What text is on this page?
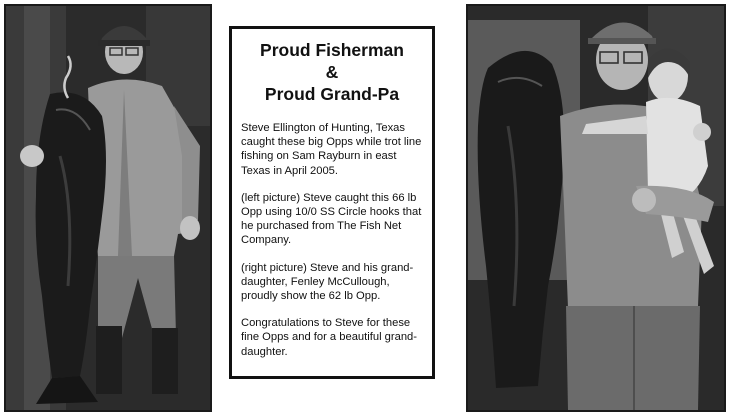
Proud Fisherman
&
Proud Grand-Pa

Steve Ellington of Hunting, Texas caught these big Opps while trot line fishing on Sam Rayburn in east Texas in April 2005.

(left picture) Steve caught this 66 lb Opp using 10/0 SS Circle hooks that he purchased from The Fish Net Company.

(right picture) Steve and his grand-daughter, Fenley McCullough, proudly show the 62 lb Opp.

Congratulations to Steve for these fine Opps and for a beautiful grand-daughter.
